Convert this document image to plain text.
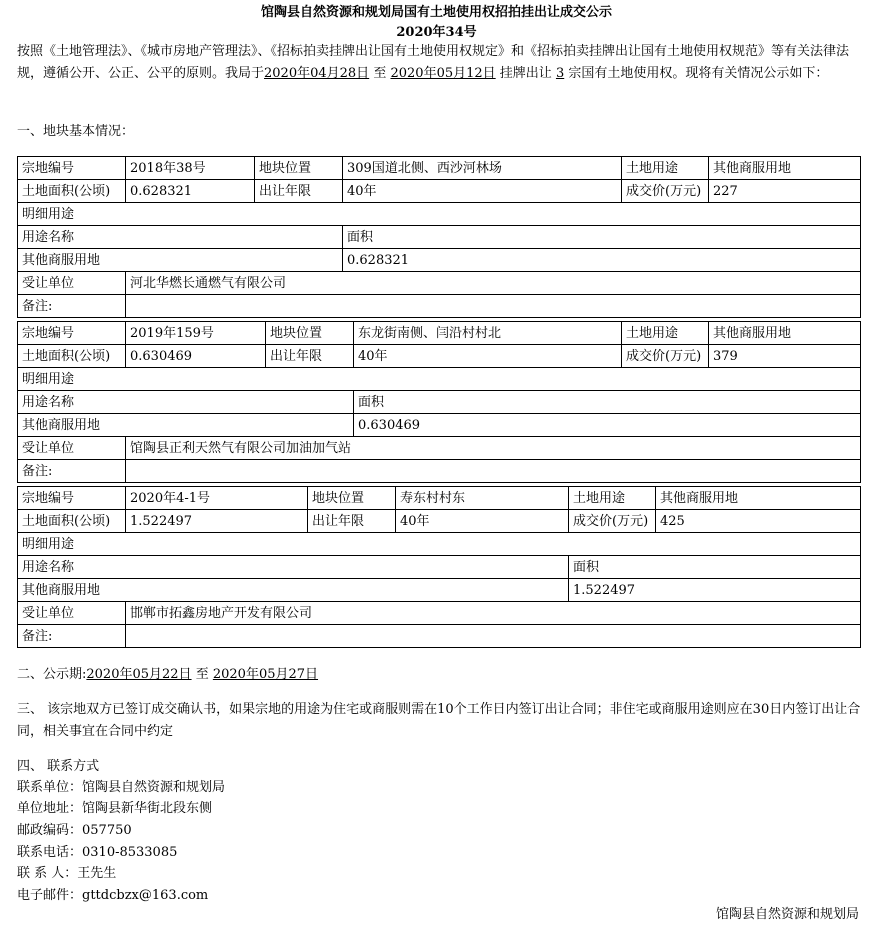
馆陶县自然资源和规划局国有土地使用权招拍挂出让成交公示
2020年34号
按照《土地管理法》、《城市房地产管理法》、《招标拍卖挂牌出让国有土地使用权规定》和《招标拍卖挂牌出让国有土地使用权规范》等有关法律法规，遵循公开、公正、公平的原则。我局于2020年04月28日 至 2020年05月12日 挂牌出让 3 宗国有土地使用权。现将有关情况公示如下：
一、地块基本情况：
宗地编号	2018年38号	地块位置	309国道北侧、西沙河林场	土地用途	其他商服用地
土地面积(公顷)	0.628321	出让年限	40年	成交价(万元)	227
明细用途					
用途名称			面积		
其他商服用地			0.628321		
受让单位	河北华燃长通燃气有限公司				
备注:					
宗地编号	2019年159号	地块位置	东龙街南侧、闫沿村村北	土地用途	其他商服用地
土地面积(公顷)	0.630469	出让年限	40年	成交价(万元)	379
明细用途					
用途名称			面积		
其他商服用地			0.630469		
受让单位	馆陶县正利天然气有限公司加油加气站				
备注:					
宗地编号	2020年4-1号	地块位置	寿东村村东	土地用途	其他商服用地
土地面积(公顷)	1.522497	出让年限	40年	成交价(万元)	425
明细用途					
用途名称				面积	
其他商服用地				1.522497	
受让单位	邯郸市拓鑫房地产开发有限公司				
备注:					
二、公示期:2020年05月22日 至 2020年05月27日
三、 该宗地双方已签订成交确认书，如果宗地的用途为住宅或商服则需在10个工作日内签订出让合同；非住宅或商服用途则应在30日内签订出让合同，相关事宜在合同中约定
四、 联系方式
联系单位：馆陶县自然资源和规划局
单位地址：馆陶县新华街北段东侧
邮政编码：057750
联系电话：0310-8533085
联 系 人：王先生
电子邮件：gttdcbzx@163.com
馆陶县自然资源和规划局
